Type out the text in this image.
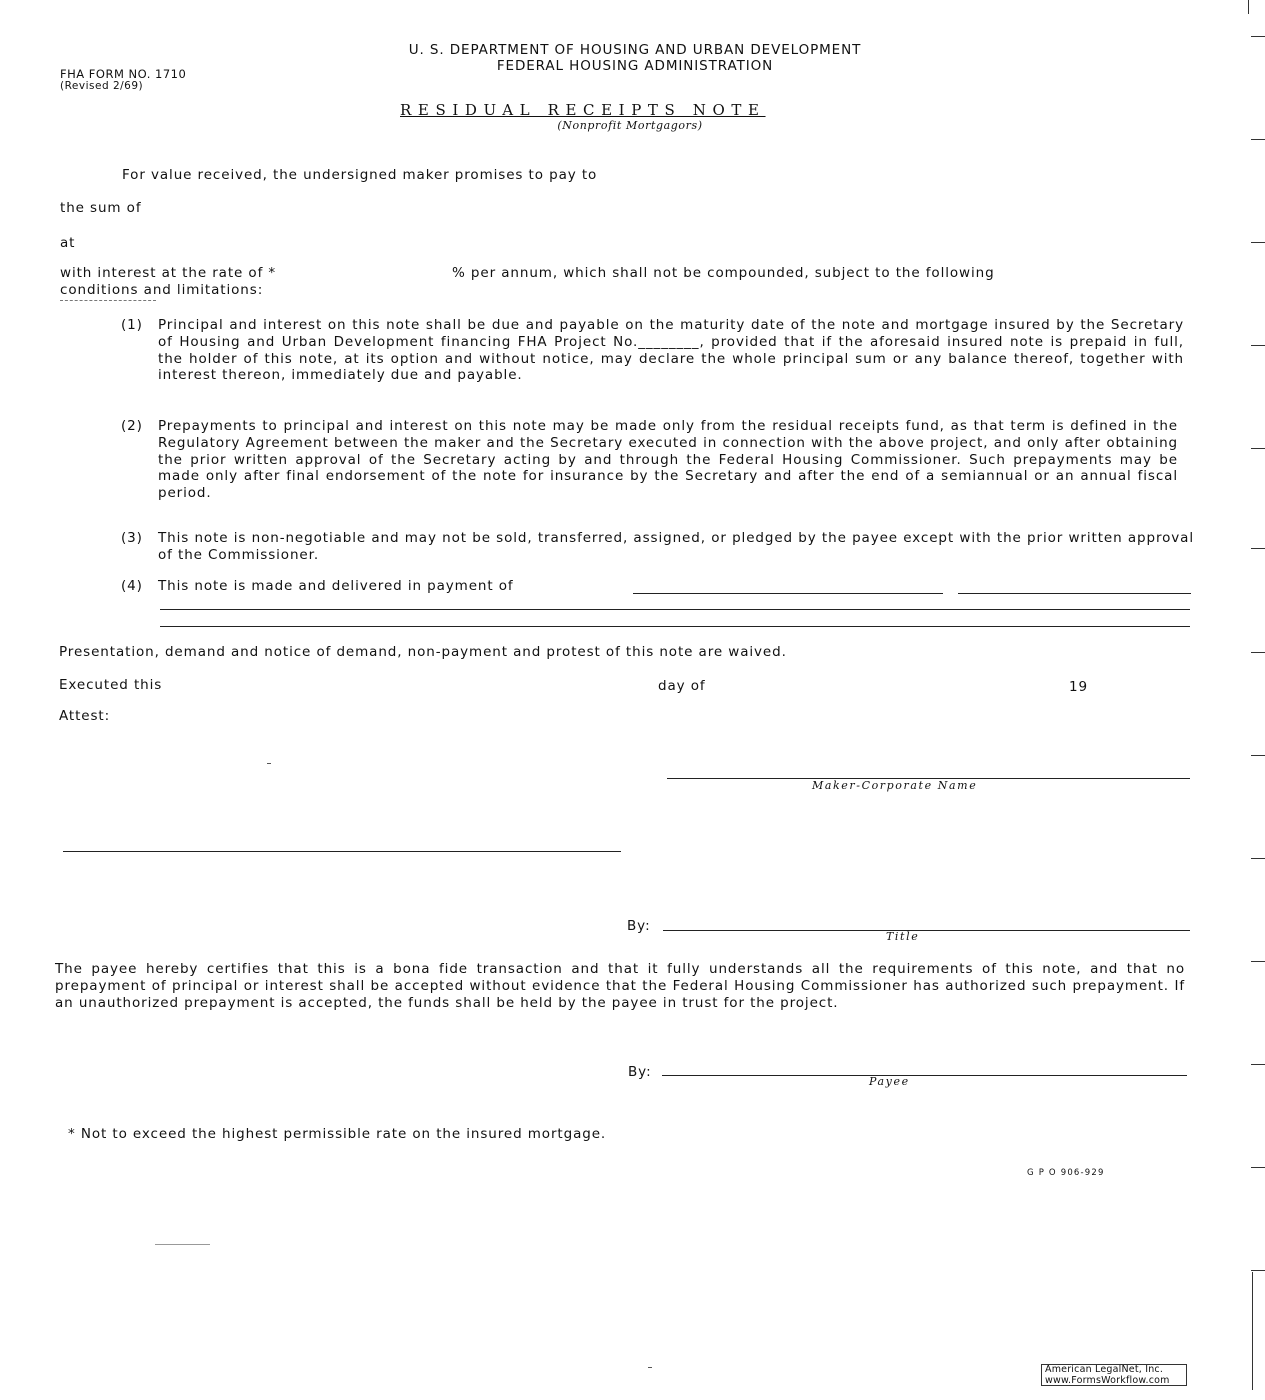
U. S. DEPARTMENT OF HOUSING AND URBAN DEVELOPMENT
FEDERAL HOUSING ADMINISTRATION
FHA FORM NO. 1710
(Revised 2/69)
RESIDUAL RECEIPTS NOTE
(Nonprofit Mortgagors)
For value received, the undersigned maker promises to pay to
the sum of
at
with interest at the rate of *	% per annum, which shall not be compounded, subject to the following
conditions and limitations:
(1) Principal and interest on this note shall be due and payable on the maturity date of the note and mortgage insured by the Secretary of Housing and Urban Development financing FHA Project No.________, provided that if the aforesaid insured note is prepaid in full, the holder of this note, at its option and without notice, may declare the whole principal sum or any balance thereof, together with interest thereon, immediately due and payable.
(2) Prepayments to principal and interest on this note may be made only from the residual receipts fund, as that term is defined in the Regulatory Agreement between the maker and the Secretary executed in connection with the above project, and only after obtaining the prior written approval of the Secretary acting by and through the Federal Housing Commissioner. Such prepayments may be made only after final endorsement of the note for insurance by the Secretary and after the end of a semiannual or an annual fiscal period.
(3) This note is non-negotiable and may not be sold, transferred, assigned, or pledged by the payee except with the prior written approval of the Commissioner.
(4) This note is made and delivered in payment of
Presentation, demand and notice of demand, non-payment and protest of this note are waived.
Executed this	day of	19
Attest:
Maker-Corporate Name
By:
Title
The payee hereby certifies that this is a bona fide transaction and that it fully understands all the requirements of this note, and that no prepayment of principal or interest shall be accepted without evidence that the Federal Housing Commissioner has authorized such prepayment. If an unauthorized prepayment is accepted, the funds shall be held by the payee in trust for the project.
By:
Payee
* Not to exceed the highest permissible rate on the insured mortgage.
G P O 906-929
American LegalNet, Inc.
www.FormsWorkflow.com
